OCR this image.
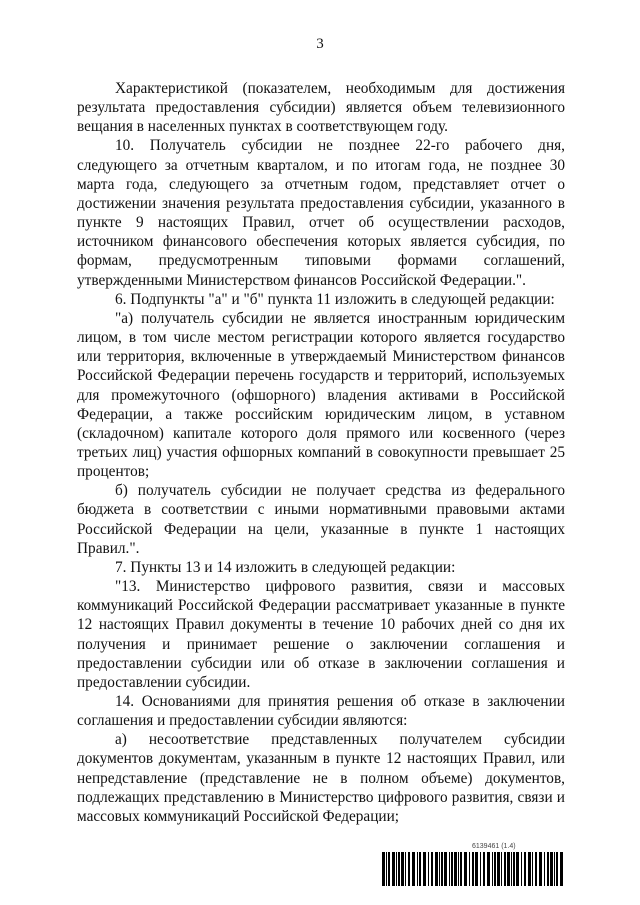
3

Характеристикой (показателем, необходимым для достижения результата предоставления субсидии) является объем телевизионного вещания в населенных пунктах в соответствующем году.

10. Получатель субсидии не позднее 22-го рабочего дня, следующего за отчетным кварталом, и по итогам года, не позднее 30 марта года, следующего за отчетным годом, представляет отчет о достижении значения результата предоставления субсидии, указанного в пункте 9 настоящих Правил, отчет об осуществлении расходов, источником финансового обеспечения которых является субсидия, по формам, предусмотренным типовыми формами соглашений, утвержденными Министерством финансов Российской Федерации.".

6. Подпункты "а" и "б" пункта 11 изложить в следующей редакции:

"а) получатель субсидии не является иностранным юридическим лицом, в том числе местом регистрации которого является государство или территория, включенные в утверждаемый Министерством финансов Российской Федерации перечень государств и территорий, используемых для промежуточного (офшорного) владения активами в Российской Федерации, а также российским юридическим лицом, в уставном (складочном) капитале которого доля прямого или косвенного (через третьих лиц) участия офшорных компаний в совокупности превышает 25 процентов;

б) получатель субсидии не получает средства из федерального бюджета в соответствии с иными нормативными правовыми актами Российской Федерации на цели, указанные в пункте 1 настоящих Правил.".

7. Пункты 13 и 14 изложить в следующей редакции:

"13. Министерство цифрового развития, связи и массовых коммуникаций Российской Федерации рассматривает указанные в пункте 12 настоящих Правил документы в течение 10 рабочих дней со дня их получения и принимает решение о заключении соглашения и предоставлении субсидии или об отказе в заключении соглашения и предоставлении субсидии.

14. Основаниями для принятия решения об отказе в заключении соглашения и предоставлении субсидии являются:

а) несоответствие представленных получателем субсидии документов документам, указанным в пункте 12 настоящих Правил, или непредставление (представление не в полном объеме) документов, подлежащих представлению в Министерство цифрового развития, связи и массовых коммуникаций Российской Федерации;

6139461 (1.4)
